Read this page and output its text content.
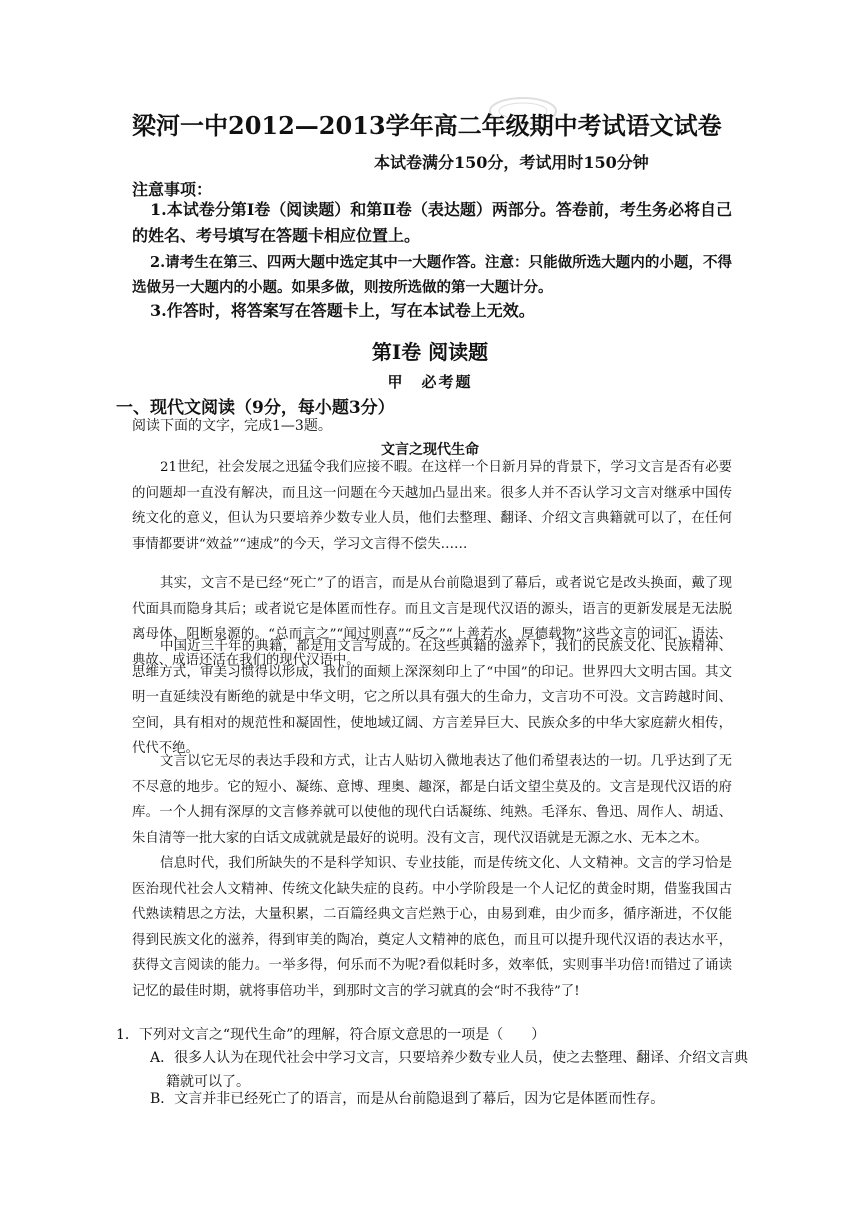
梁河一中2012—2013学年高二年级期中考试语文试卷
本试卷满分150分，考试用时150分钟
注意事项：
1.本试卷分第Ⅰ卷（阅读题）和第Ⅱ卷（表达题）两部分。答卷前，考生务必将自己的姓名、考号填写在答题卡相应位置上。
2.请考生在第三、四两大题中选定其中一大题作答。注意：只能做所选大题内的小题，不得选做另一大题内的小题。如果多做，则按所选做的第一大题计分。
3.作答时，将答案写在答题卡上，写在本试卷上无效。
第Ⅰ卷 阅读题
甲　必考题
一、现代文阅读（9分，每小题3分）
阅读下面的文字，完成1—3题。
文言之现代生命

21世纪，社会发展之迅猛令我们应接不暇。在这样一个日新月异的背景下，学习文言是否有必要的问题却一直没有解决，而且这一问题在今天越加凸显出来。很多人并不否认学习文言对继承中国传统文化的意义，但认为只要培养少数专业人员，他们去整理、翻译、介绍文言典籍就可以了，在任何事情都要讲“效益”“速成”的今天，学习文言得不偿失……

其实，文言不是已经“死亡”了的语言，而是从台前隐退到了幕后，或者说它是改头换面，戴了现代面具而隐身其后；或者说它是体匿而性存。而且文言是现代汉语的源头，语言的更新发展是无法脱离母体、阻断泉源的。“总而言之”“闻过则喜”“反之”“上善若水，厚德载物”这些文言的词汇、语法、典故、成语还活在我们的现代汉语中。

中国近三千年的典籍，都是用文言写成的。在这些典籍的滋养下，我们的民族文化、民族精神、思维方式，审美习惯得以形成，我们的面颊上深深刻印上了“中国”的印记。世界四大文明古国。其文明一直延续没有断绝的就是中华文明，它之所以具有强大的生命力，文言功不可没。文言跨越时间、空间，具有相对的规范性和凝固性，使地域辽阔、方言差异巨大、民族众多的中华大家庭薪火相传，代代不绝。

文言以它无尽的表达手段和方式，让古人贴切入微地表达了他们希望表达的一切。几乎达到了无不尽意的地步。它的短小、凝练、意博、理奥、趣深，都是白话文望尘莫及的。文言是现代汉语的府库。一个人拥有深厚的文言修养就可以使他的现代白话凝练、纯熟。毛泽东、鲁迅、周作人、胡适、朱自清等一批大家的白话文成就就是最好的说明。没有文言，现代汉语就是无源之水、无本之木。

信息时代，我们所缺失的不是科学知识、专业技能，而是传统文化、人文精神。文言的学习恰是医治现代社会人文精神、传统文化缺失症的良药。中小学阶段是一个人记忆的黄金时期，借鉴我国古代熟读精思之方法，大量积累，二百篇经典文言烂熟于心，由易到难，由少而多，循序渐进，不仅能得到民族文化的滋养，得到审美的陶冶，奠定人文精神的底色，而且可以提升现代汉语的表达水平，获得文言阅读的能力。一举多得，何乐而不为呢?看似耗时多，效率低，实则事半功倍!而错过了诵读记忆的最佳时期，就将事倍功半，到那时文言的学习就真的会“时不我待”了!

1．下列对文言之“现代生命”的理解，符合原文意思的一项是（　　）
A．很多人认为在现代社会中学习文言，只要培养少数专业人员，使之去整理、翻译、介绍文言典籍就可以了。
B．文言并非已经死亡了的语言，而是从台前隐退到了幕后，因为它是体匿而性存。
